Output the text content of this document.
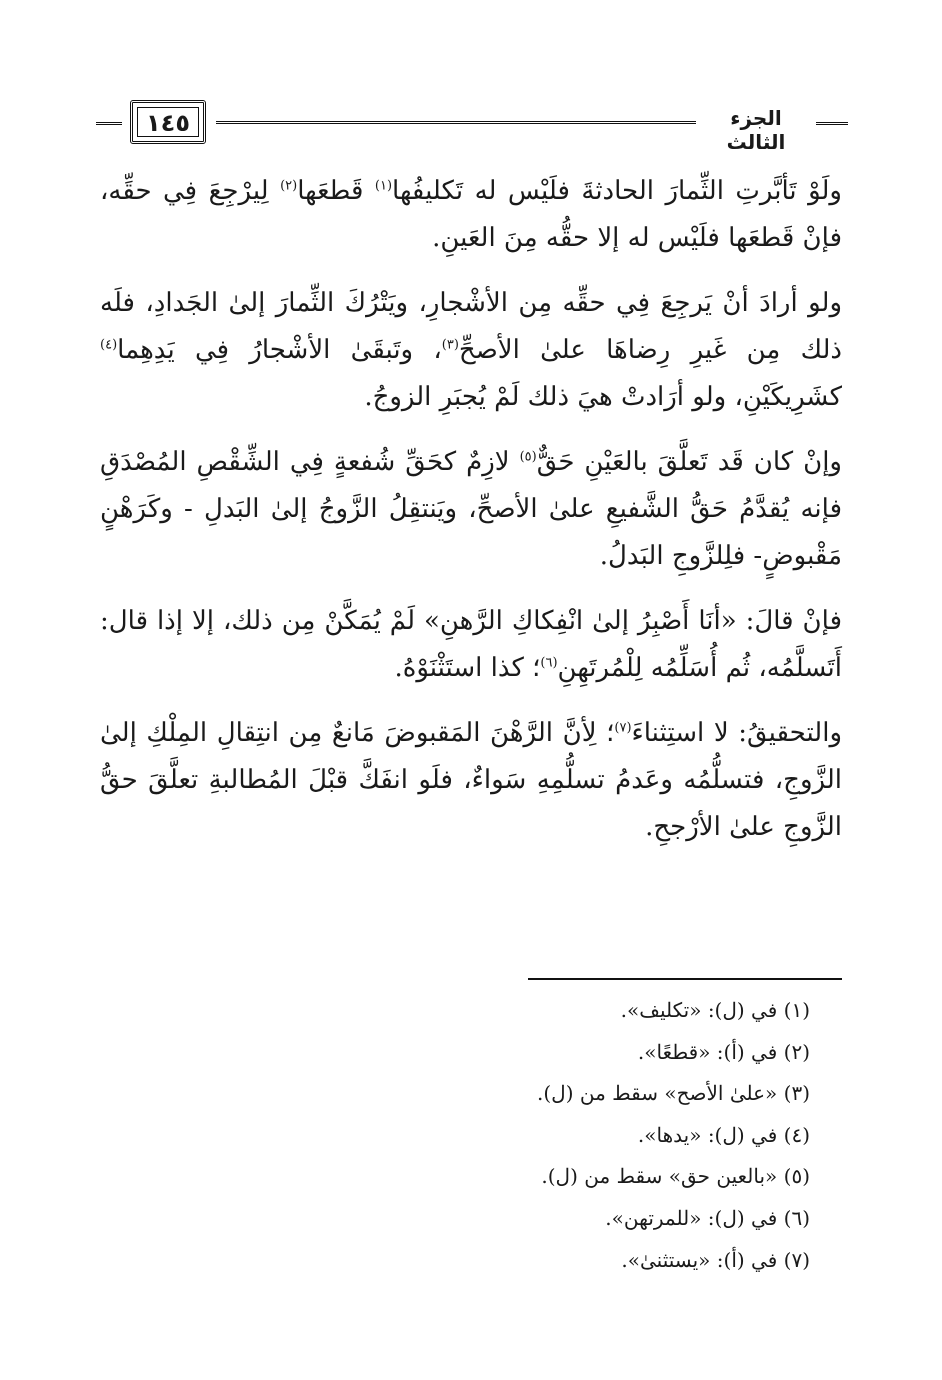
١٤٥	الجزء الثالث

ولَوْ تَأبَّرتِ الثِّمارَ الحادثةَ فلَيْس له تَكليفُها$^{(١)}$ قَطعَها$^{(٢)}$ لِيرْجِعَ فِي حقِّه، فإنْ قَطعَها فلَيْس له إلا حقُّه مِنَ العَينِ.

ولو أرادَ أنْ يَرجِعَ فِي حقِّه مِن الأشْجارِ، ويَتْرُكَ الثِّمارَ إلىٰ الجَدادِ، فلَه ذلك مِن غَيرِ رِضاهَا علىٰ الأصحِّ$^{(٣)}$، وتَبقَىٰ الأشْجارُ فِي يَدِهِما$^{(٤)}$ كشَرِيكَيْنِ، ولو أرَادتْ هيَ ذلك لَمْ يُجبَرِ الزوجُ.

وإنْ كان قَد تَعلَّقَ بالعَيْنِ حَقٌّ$^{(٥)}$ لازِمٌ كحَقِّ شُفعةٍ فِي الشِّقْصِ المُصْدَقِ فإنه يُقدَّمُ حَقُّ الشَّفيعِ علىٰ الأصحِّ، ويَنتقِلُ الزَّوجُ إلىٰ البَدلِ - وكَرَهْنٍ مَقْبوضٍ- فلِلزَّوجِ البَدلُ.

فإنْ قالَ: «أنَا أَصْبِرُ إلىٰ انْفِكاكِ الرَّهنِ» لَمْ يُمَكَّنْ مِن ذلك، إلا إذا قال: أَتَسلَّمُه، ثُم أُسَلِّمُه لِلْمُرتَهِنِ$^{(٦)}$؛ كذا استَثْنَوْهُ.

والتحقيقُ: لا استِثناءَ$^{(٧)}$؛ لِأنَّ الرَّهْنَ المَقبوضَ مَانعٌ مِن انتِقالِ المِلْكِ إلىٰ الزَّوجِ، فتسلُّمُه وعَدمُ تسلُّمِهِ سَواءٌ، فلَو انفَكَّ قبْلَ المُطالبةِ تعلَّقَ حقُّ الزَّوجِ علىٰ الأرْجحِ.

(١) في (ل): «تكليف».
(٢) في (أ): «قطعًا».
(٣) «علىٰ الأصح» سقط من (ل).
(٤) في (ل): «يدها».
(٥) «بالعين حق» سقط من (ل).
(٦) في (ل): «للمرتهن».
(٧) في (أ): «يستثنىٰ».
